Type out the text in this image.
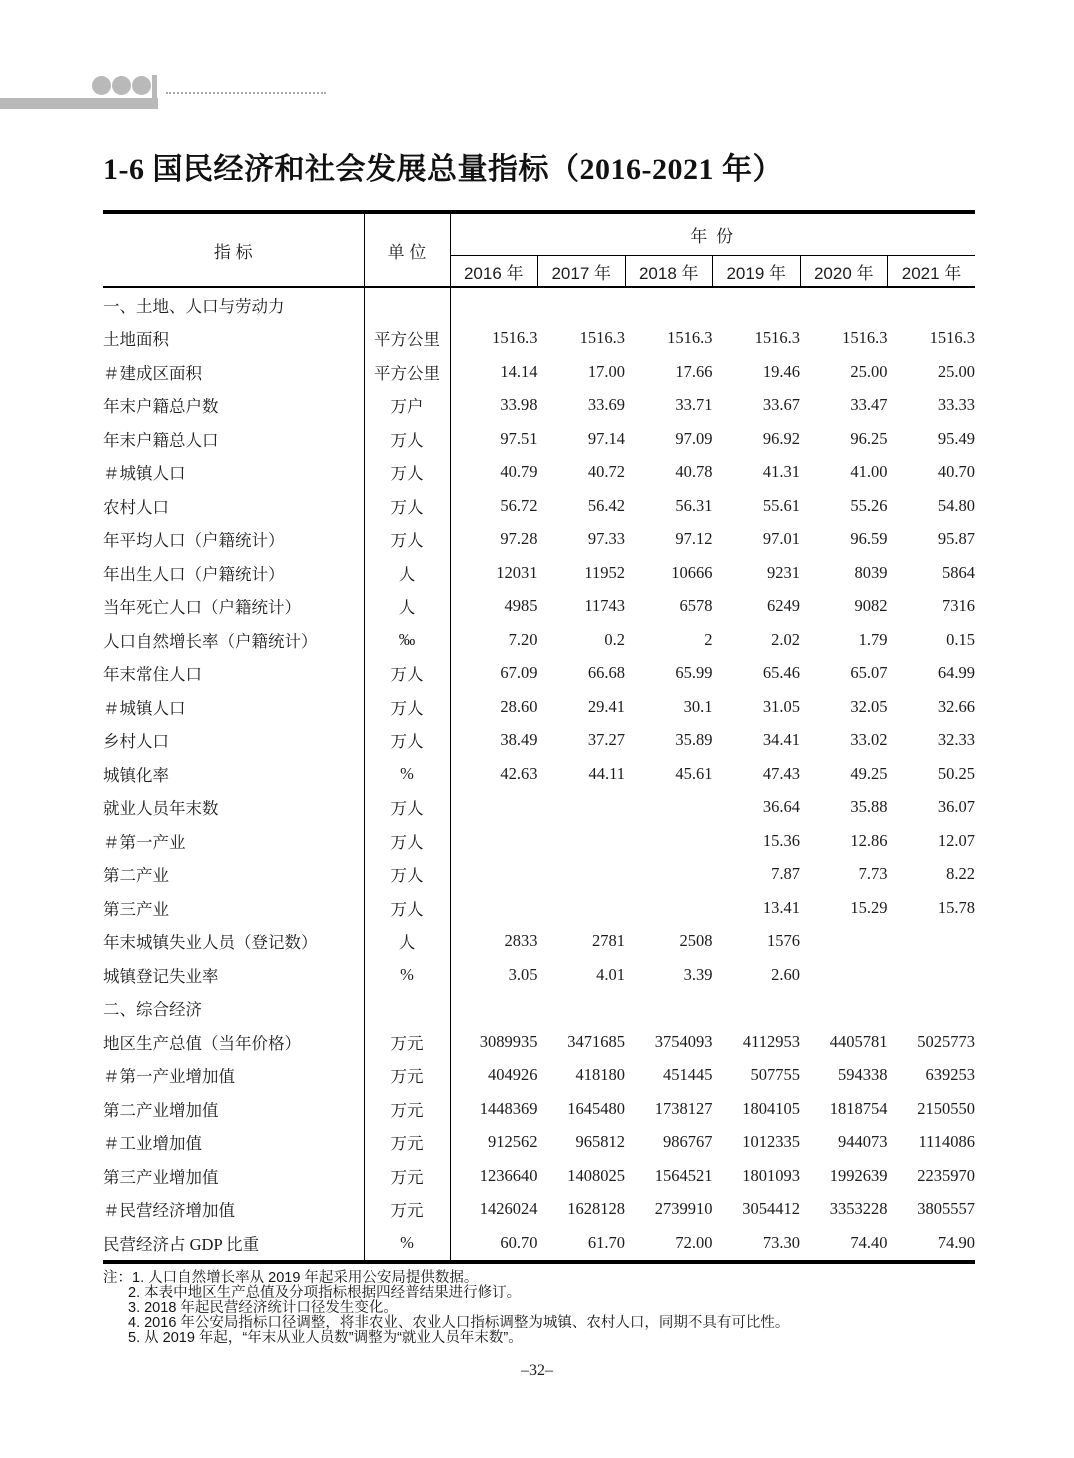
1-6 国民经济和社会发展总量指标（2016-2021 年）
指 标	单 位	年 份					
		2016 年	2017 年	2018 年	2019 年	2020 年	2021 年
一、土地、人口与劳动力							
土地面积	平方公里	1516.3	1516.3	1516.3	1516.3	1516.3	1516.3
＃建成区面积	平方公里	14.14	17.00	17.66	19.46	25.00	25.00
年末户籍总户数	万户	33.98	33.69	33.71	33.67	33.47	33.33
年末户籍总人口	万人	97.51	97.14	97.09	96.92	96.25	95.49
＃城镇人口	万人	40.79	40.72	40.78	41.31	41.00	40.70
农村人口	万人	56.72	56.42	56.31	55.61	55.26	54.80
年平均人口（户籍统计）	万人	97.28	97.33	97.12	97.01	96.59	95.87
年出生人口（户籍统计）	人	12031	11952	10666	9231	8039	5864
当年死亡人口（户籍统计）	人	4985	11743	6578	6249	9082	7316
人口自然增长率（户籍统计）	‰	7.20	0.2	2	2.02	1.79	0.15
年末常住人口	万人	67.09	66.68	65.99	65.46	65.07	64.99
＃城镇人口	万人	28.60	29.41	30.1	31.05	32.05	32.66
乡村人口	万人	38.49	37.27	35.89	34.41	33.02	32.33
城镇化率	%	42.63	44.11	45.61	47.43	49.25	50.25
就业人员年末数	万人				36.64	35.88	36.07
＃第一产业	万人				15.36	12.86	12.07
第二产业	万人				7.87	7.73	8.22
第三产业	万人				13.41	15.29	15.78
年末城镇失业人员（登记数）	人	2833	2781	2508	1576		
城镇登记失业率	%	3.05	4.01	3.39	2.60		
二、综合经济							
地区生产总值（当年价格）	万元	3089935	3471685	3754093	4112953	4405781	5025773
＃第一产业增加值	万元	404926	418180	451445	507755	594338	639253
第二产业增加值	万元	1448369	1645480	1738127	1804105	1818754	2150550
＃工业增加值	万元	912562	965812	986767	1012335	944073	1114086
第三产业增加值	万元	1236640	1408025	1564521	1801093	1992639	2235970
＃民营经济增加值	万元	1426024	1628128	2739910	3054412	3353228	3805557
民营经济占 GDP 比重	%	60.70	61.70	72.00	73.30	74.40	74.90
注：1. 人口自然增长率从 2019 年起采用公安局提供数据。
2. 本表中地区生产总值及分项指标根据四经普结果进行修订。
3. 2018 年起民营经济统计口径发生变化。
4. 2016 年公安局指标口径调整，将非农业、农业人口指标调整为城镇、农村人口，同期不具有可比性。
5. 从 2019 年起，“年末从业人员数”调整为“就业人员年末数”。
–32–
